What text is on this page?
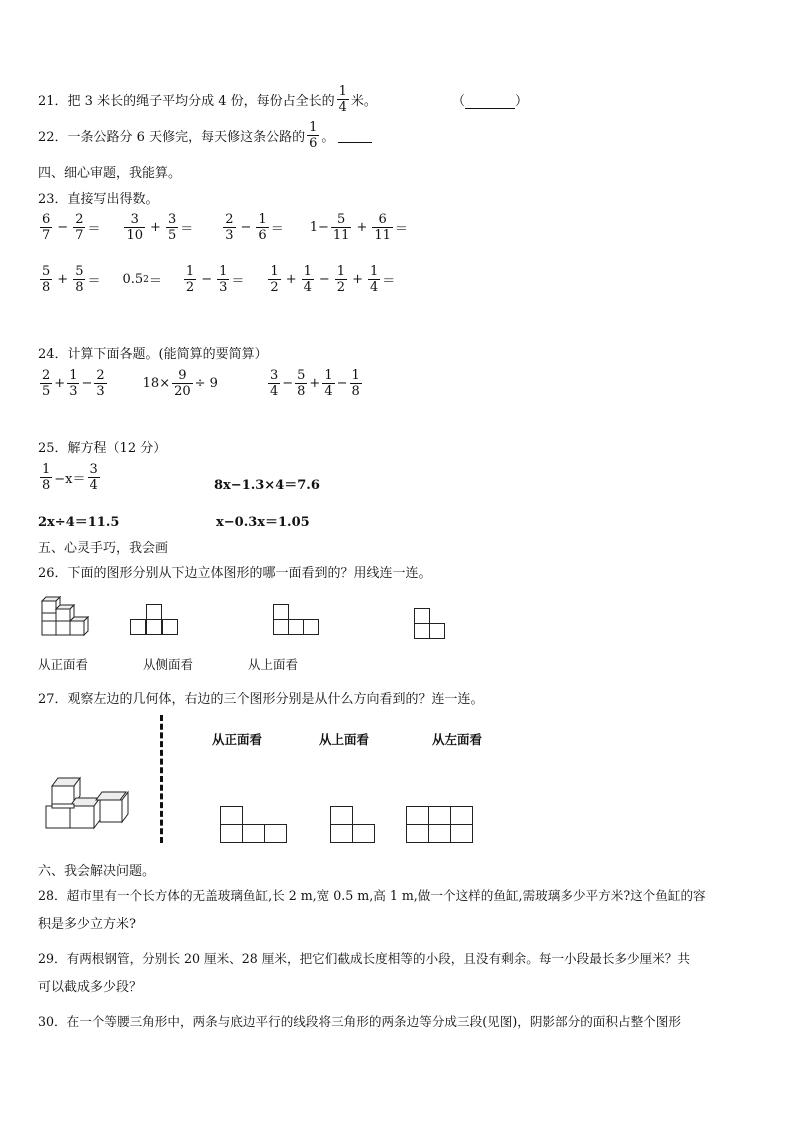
21．把 3 米长的绳子平均分成 4 份，每份占全长的 $\frac{1}{4}$ 米。	（	）
22．一条公路分 6 天修完，每天修这条公路的 $\frac{1}{6}$ 。
四、细心审题，我能算。
23．直接写出得数。
$\frac{6}{7} - \frac{2}{7} = \frac{3}{10} + \frac{3}{5} = \frac{2}{3} - \frac{1}{6} = 1- \frac{5}{11} + \frac{6}{11}$ ＝
$\frac{5}{8} + \frac{5}{8} = 0.5$ $2 = \frac{1}{2} - \frac{1}{3} = \frac{1}{2} + \frac{1}{4} - \frac{1}{2} + \frac{1}{4}$ ＝
24．计算下面各题。(能简算的要简算）
$\frac{2}{5} + \frac{1}{3} - \frac{2}{3}$	$18\times \frac{9}{20} \div 9$	$\frac{3}{4} - \frac{5}{8} + \frac{1}{4} - \frac{1}{8}$
25．解方程（12 分）
$\frac{1}{8} -x= \frac{3}{4}$	8x−1.3×4＝7.6
2x÷4＝11.5	x−0.3x＝1.05
五、心灵手巧，我会画
26．下面的图形分别从下边立体图形的哪一面看到的？用线连一连。
从正面看	从侧面看	从上面看
27．观察左边的几何体，右边的三个图形分别是从什么方向看到的？连一连。
从正面看	从上面看	从左面看
六、我会解决问题。
28．超市里有一个长方体的无盖玻璃鱼缸,长 2 m,宽 0.5 m,高 1 m,做一个这样的鱼缸,需玻璃多少平方米?这个鱼缸的容
积是多少立方米?
29．有两根钢管，分别长 20 厘米、28 厘米，把它们截成长度相等的小段，且没有剩余。每一小段最长多少厘米？共
可以截成多少段？
30．在一个等腰三角形中，两条与底边平行的线段将三角形的两条边等分成三段(见图)，阴影部分的面积占整个图形
